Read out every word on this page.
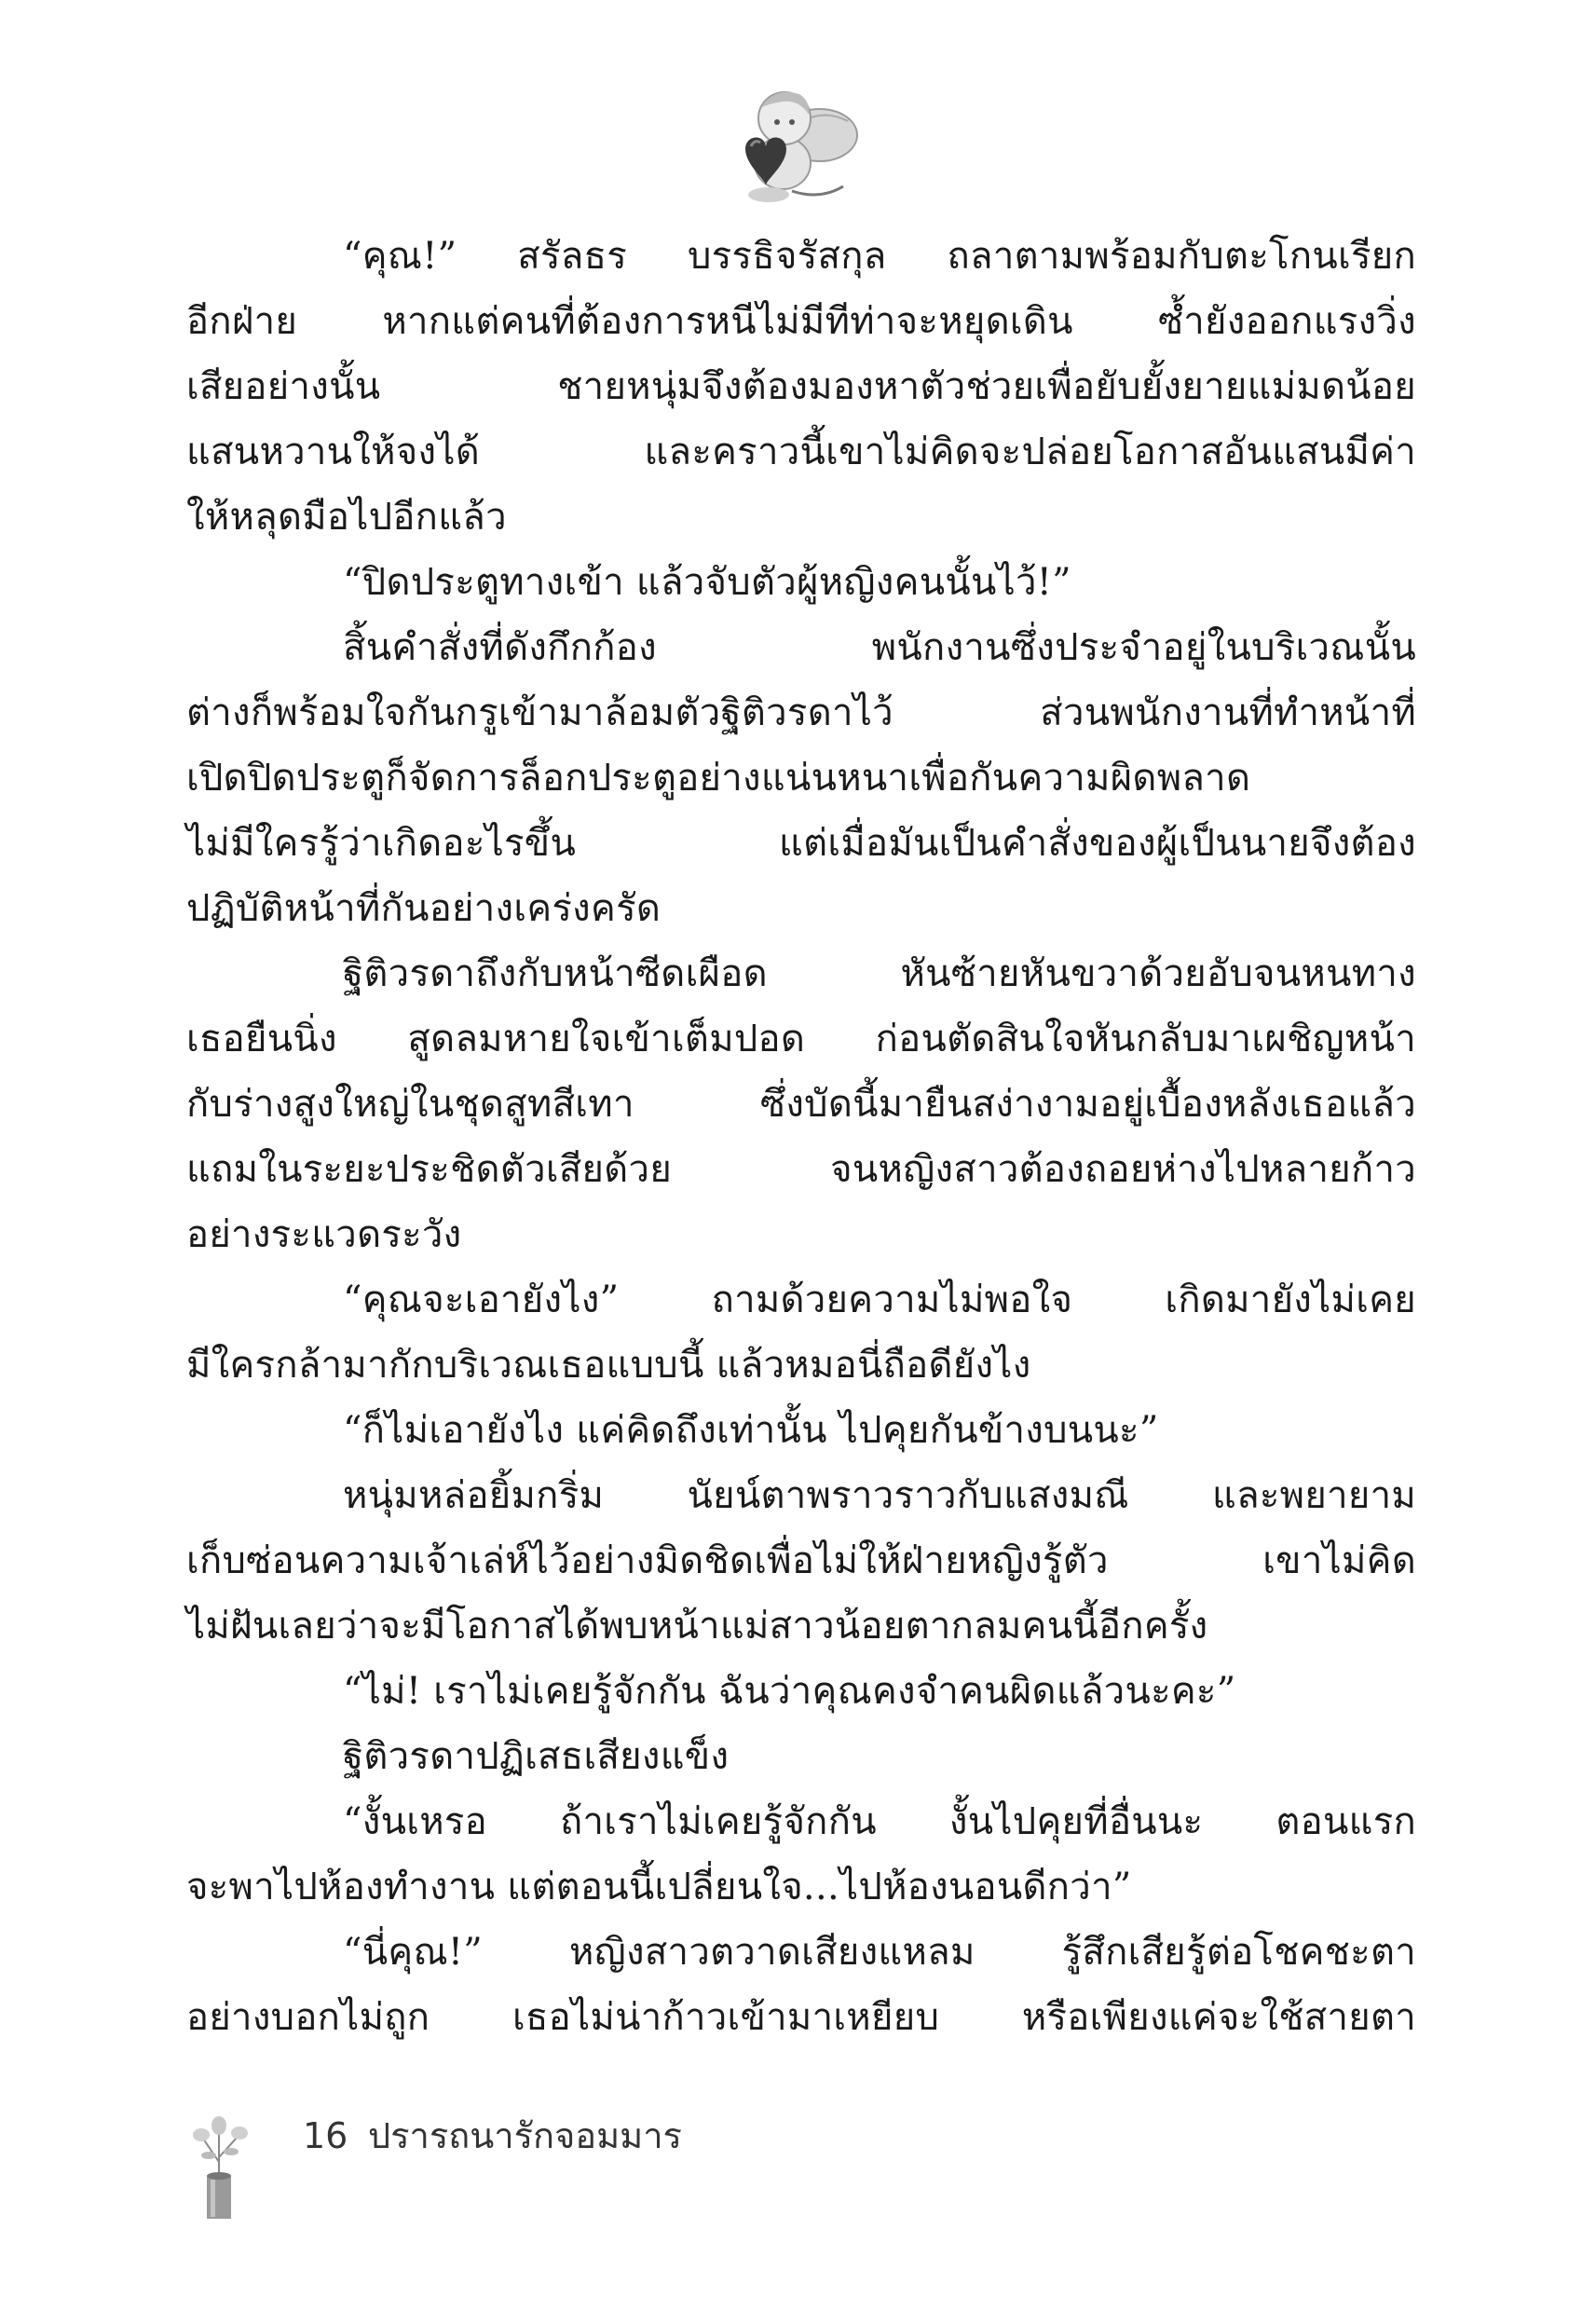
“คุณ!” สรัลธร บรรธิจรัสกุล ถลาตามพร้อมกับตะโกนเรียก
อีกฝ่าย หากแต่คนที่ต้องการหนีไม่มีทีท่าจะหยุดเดิน ซ้ำยังออกแรงวิ่ง
เสียอย่างนั้น ชายหนุ่มจึงต้องมองหาตัวช่วยเพื่อยับยั้งยายแม่มดน้อย
แสนหวานให้จงได้ และคราวนี้เขาไม่คิดจะปล่อยโอกาสอันแสนมีค่า
ให้หลุดมือไปอีกแล้ว
“ปิดประตูทางเข้า แล้วจับตัวผู้หญิงคนนั้นไว้!”
สิ้นคำสั่งที่ดังกึกก้อง พนักงานซึ่งประจำอยู่ในบริเวณนั้น
ต่างก็พร้อมใจกันกรูเข้ามาล้อมตัวฐิติวรดาไว้ ส่วนพนักงานที่ทำหน้าที่
เปิดปิดประตูก็จัดการล็อกประตูอย่างแน่นหนาเพื่อกันความผิดพลาด
ไม่มีใครรู้ว่าเกิดอะไรขึ้น แต่เมื่อมันเป็นคำสั่งของผู้เป็นนายจึงต้อง
ปฏิบัติหน้าที่กันอย่างเคร่งครัด
ฐิติวรดาถึงกับหน้าซีดเผือด หันซ้ายหันขวาด้วยอับจนหนทาง
เธอยืนนิ่ง สูดลมหายใจเข้าเต็มปอด ก่อนตัดสินใจหันกลับมาเผชิญหน้า
กับร่างสูงใหญ่ในชุดสูทสีเทา ซึ่งบัดนี้มายืนสง่างามอยู่เบื้องหลังเธอแล้ว
แถมในระยะประชิดตัวเสียด้วย จนหญิงสาวต้องถอยห่างไปหลายก้าว
อย่างระแวดระวัง
“คุณจะเอายังไง” ถามด้วยความไม่พอใจ เกิดมายังไม่เคย
มีใครกล้ามากักบริเวณเธอแบบนี้ แล้วหมอนี่ถือดียังไง
“ก็ไม่เอายังไง แค่คิดถึงเท่านั้น ไปคุยกันข้างบนนะ”
หนุ่มหล่อยิ้มกริ่ม นัยน์ตาพราวราวกับแสงมณี และพยายาม
เก็บซ่อนความเจ้าเล่ห์ไว้อย่างมิดชิดเพื่อไม่ให้ฝ่ายหญิงรู้ตัว เขาไม่คิด
ไม่ฝันเลยว่าจะมีโอกาสได้พบหน้าแม่สาวน้อยตากลมคนนี้อีกครั้ง
“ไม่! เราไม่เคยรู้จักกัน ฉันว่าคุณคงจำคนผิดแล้วนะคะ”
ฐิติวรดาปฏิเสธเสียงแข็ง
“งั้นเหรอ ถ้าเราไม่เคยรู้จักกัน งั้นไปคุยที่อื่นนะ ตอนแรก
จะพาไปห้องทำงาน แต่ตอนนี้เปลี่ยนใจ...ไปห้องนอนดีกว่า”
“นี่คุณ!” หญิงสาวตวาดเสียงแหลม รู้สึกเสียรู้ต่อโชคชะตา
อย่างบอกไม่ถูก เธอไม่น่าก้าวเข้ามาเหยียบ หรือเพียงแค่จะใช้สายตา
16 ปรารถนารักจอมมาร
